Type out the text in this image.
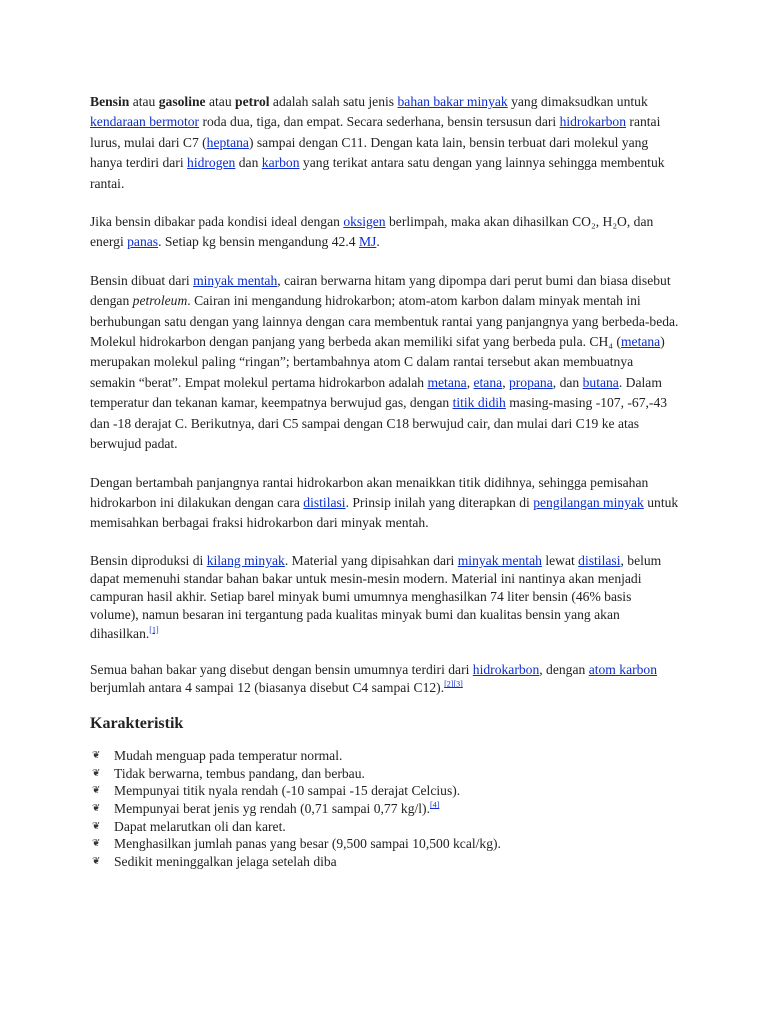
Bensin atau gasoline atau petrol adalah salah satu jenis bahan bakar minyak yang dimaksudkan untuk kendaraan bermotor roda dua, tiga, dan empat. Secara sederhana, bensin tersusun dari hidrokarbon rantai lurus, mulai dari C7 (heptana) sampai dengan C11. Dengan kata lain, bensin terbuat dari molekul yang hanya terdiri dari hidrogen dan karbon yang terikat antara satu dengan yang lainnya sehingga membentuk rantai.

Jika bensin dibakar pada kondisi ideal dengan oksigen berlimpah, maka akan dihasilkan CO₂, H₂O, dan energi panas. Setiap kg bensin mengandung 42.4 MJ.

Bensin dibuat dari minyak mentah, cairan berwarna hitam yang dipompa dari perut bumi dan biasa disebut dengan petroleum. Cairan ini mengandung hidrokarbon; atom-atom karbon dalam minyak mentah ini berhubungan satu dengan yang lainnya dengan cara membentuk rantai yang panjangnya yang berbeda-beda. Molekul hidrokarbon dengan panjang yang berbeda akan memiliki sifat yang berbeda pula. CH₄ (metana) merupakan molekul paling “ringan”; bertambahnya atom C dalam rantai tersebut akan membuatnya semakin “berat”. Empat molekul pertama hidrokarbon adalah metana, etana, propana, dan butana. Dalam temperatur dan tekanan kamar, keempatnya berwujud gas, dengan titik didih masing-masing -107, -67,-43 dan -18 derajat C. Berikutnya, dari C5 sampai dengan C18 berwujud cair, dan mulai dari C19 ke atas berwujud padat.

Dengan bertambah panjangnya rantai hidrokarbon akan menaikkan titik didihnya, sehingga pemisahan hidrokarbon ini dilakukan dengan cara distilasi. Prinsip inilah yang diterapkan di pengilangan minyak untuk memisahkan berbagai fraksi hidrokarbon dari minyak mentah.

Bensin diproduksi di kilang minyak. Material yang dipisahkan dari minyak mentah lewat distilasi, belum dapat memenuhi standar bahan bakar untuk mesin-mesin modern. Material ini nantinya akan menjadi campuran hasil akhir. Setiap barel minyak bumi umumnya menghasilkan 74 liter bensin (46% basis volume), namun besaran ini tergantung pada kualitas minyak bumi dan kualitas bensin yang akan dihasilkan.[1]

Semua bahan bakar yang disebut dengan bensin umumnya terdiri dari hidrokarbon, dengan atom karbon berjumlah antara 4 sampai 12 (biasanya disebut C4 sampai C12).[2][3]

Karakteristik
❦ Mudah menguap pada temperatur normal.
❦ Tidak berwarna, tembus pandang, dan berbau.
❦ Mempunyai titik nyala rendah (-10 sampai -15 derajat Celcius).
❦ Mempunyai berat jenis yg rendah (0,71 sampai 0,77 kg/l).[4]
❦ Dapat melarutkan oli dan karet.
❦ Menghasilkan jumlah panas yang besar (9,500 sampai 10,500 kcal/kg).
❦ Sedikit meninggalkan jelaga setelah diba
